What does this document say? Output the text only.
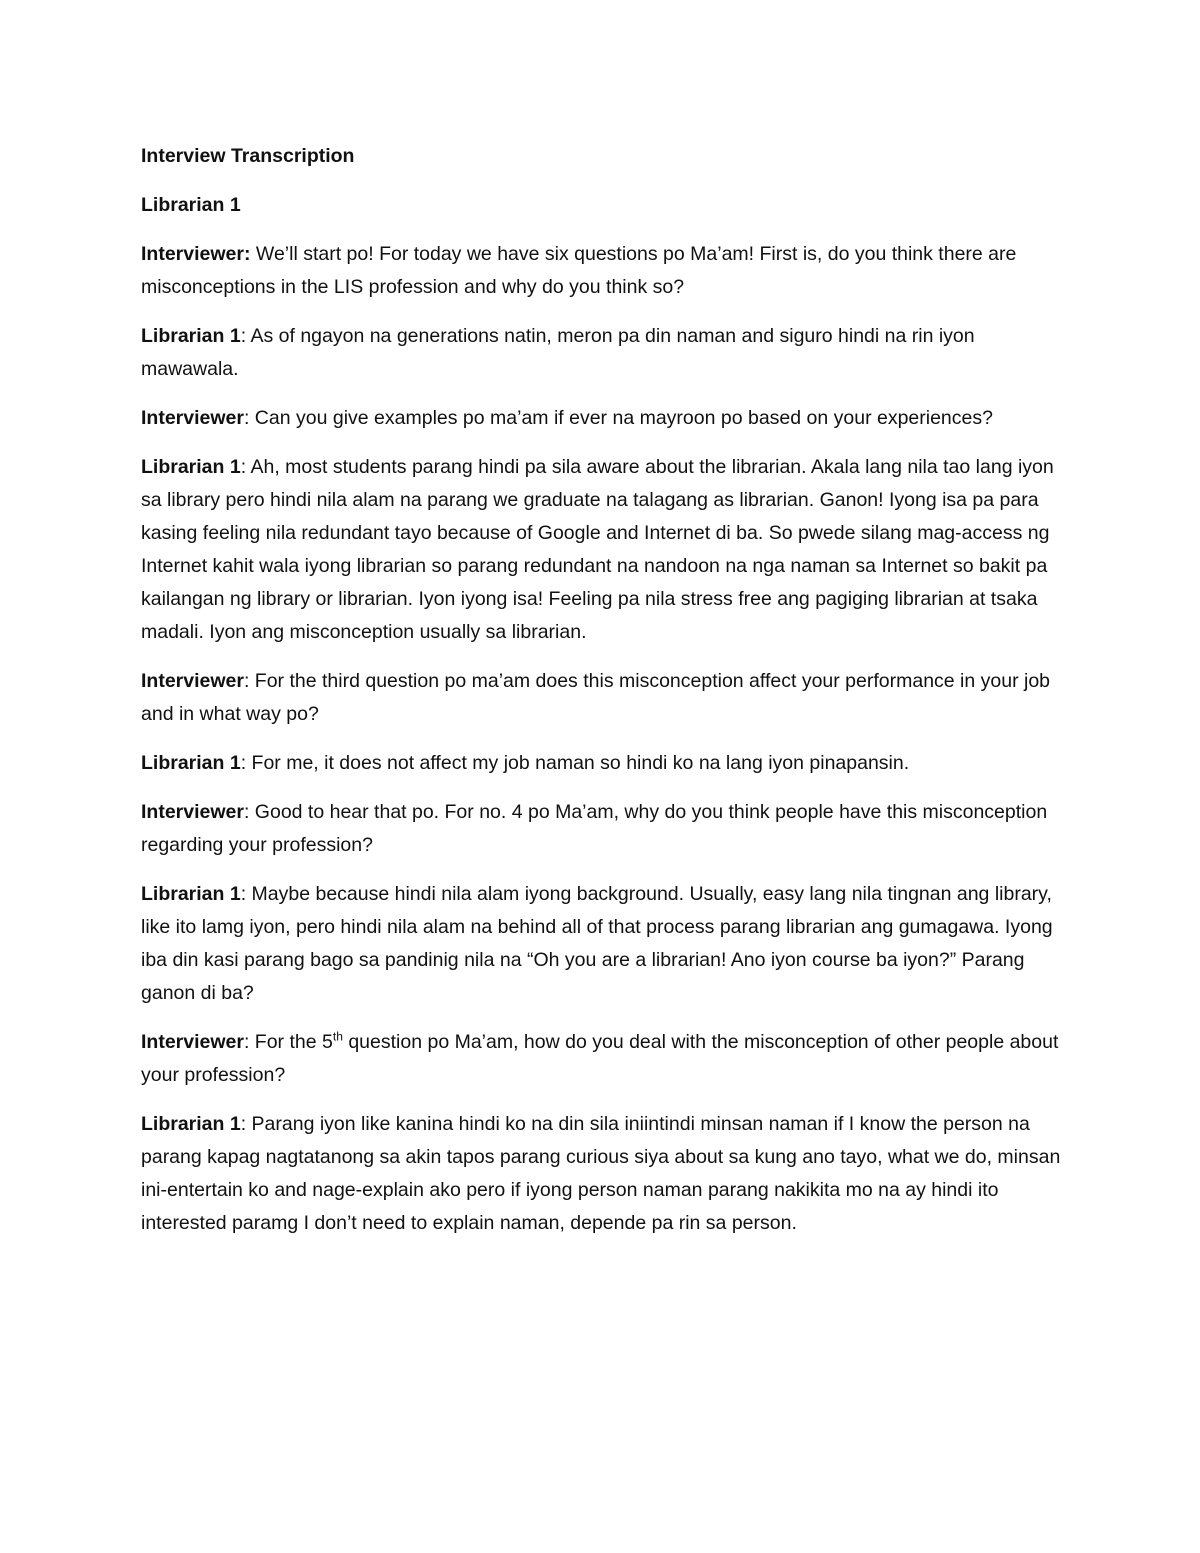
Interview Transcription

Librarian 1

Interviewer: We’ll start po! For today we have six questions po Ma’am! First is, do you think there are misconceptions in the LIS profession and why do you think so?

Librarian 1: As of ngayon na generations natin, meron pa din naman and siguro hindi na rin iyon mawawala.

Interviewer: Can you give examples po ma’am if ever na mayroon po based on your experiences?

Librarian 1: Ah, most students parang hindi pa sila aware about the librarian. Akala lang nila tao lang iyon sa library pero hindi nila alam na parang we graduate na talagang as librarian. Ganon! Iyong isa pa para kasing feeling nila redundant tayo because of Google and Internet di ba. So pwede silang mag-access ng Internet kahit wala iyong librarian so parang redundant na nandoon na nga naman sa Internet so bakit pa kailangan ng library or librarian. Iyon iyong isa! Feeling pa nila stress free ang pagiging librarian at tsaka madali. Iyon ang misconception usually sa librarian.

Interviewer: For the third question po ma’am does this misconception affect your performance in your job and in what way po?

Librarian 1: For me, it does not affect my job naman so hindi ko na lang iyon pinapansin.

Interviewer: Good to hear that po. For no. 4 po Ma’am, why do you think people have this misconception regarding your profession?

Librarian 1: Maybe because hindi nila alam iyong background. Usually, easy lang nila tingnan ang library, like ito lamg iyon, pero hindi nila alam na behind all of that process parang librarian ang gumagawa. Iyong iba din kasi parang bago sa pandinig nila na “Oh you are a librarian! Ano iyon course ba iyon?” Parang ganon di ba?

Interviewer: For the 5th question po Ma’am, how do you deal with the misconception of other people about your profession?

Librarian 1: Parang iyon like kanina hindi ko na din sila iniintindi minsan naman if I know the person na parang kapag nagtatanong sa akin tapos parang curious siya about sa kung ano tayo, what we do, minsan ini-entertain ko and nage-explain ako pero if iyong person naman parang nakikita mo na ay hindi ito interested paramg I don’t need to explain naman, depende pa rin sa person.
